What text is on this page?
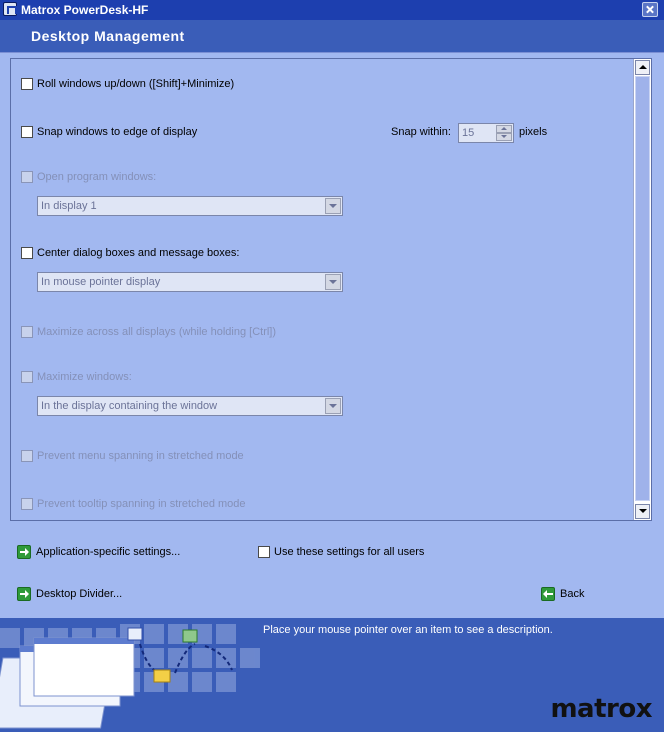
Matrox PowerDesk-HF
Desktop Management
Roll windows up/down ([Shift]+Minimize)
Snap windows to edge of display	Snap within: 15	pixels
Open program windows:
In display 1
Center dialog boxes and message boxes:
In mouse pointer display
Maximize across all displays (while holding [Ctrl])
Maximize windows:
In the display containing the window
Prevent menu spanning in stretched mode
Prevent tooltip spanning in stretched mode
Application-specific settings...	Use these settings for all users
Desktop Divider...	Back
Place your mouse pointer over an item to see a description.
matrox
